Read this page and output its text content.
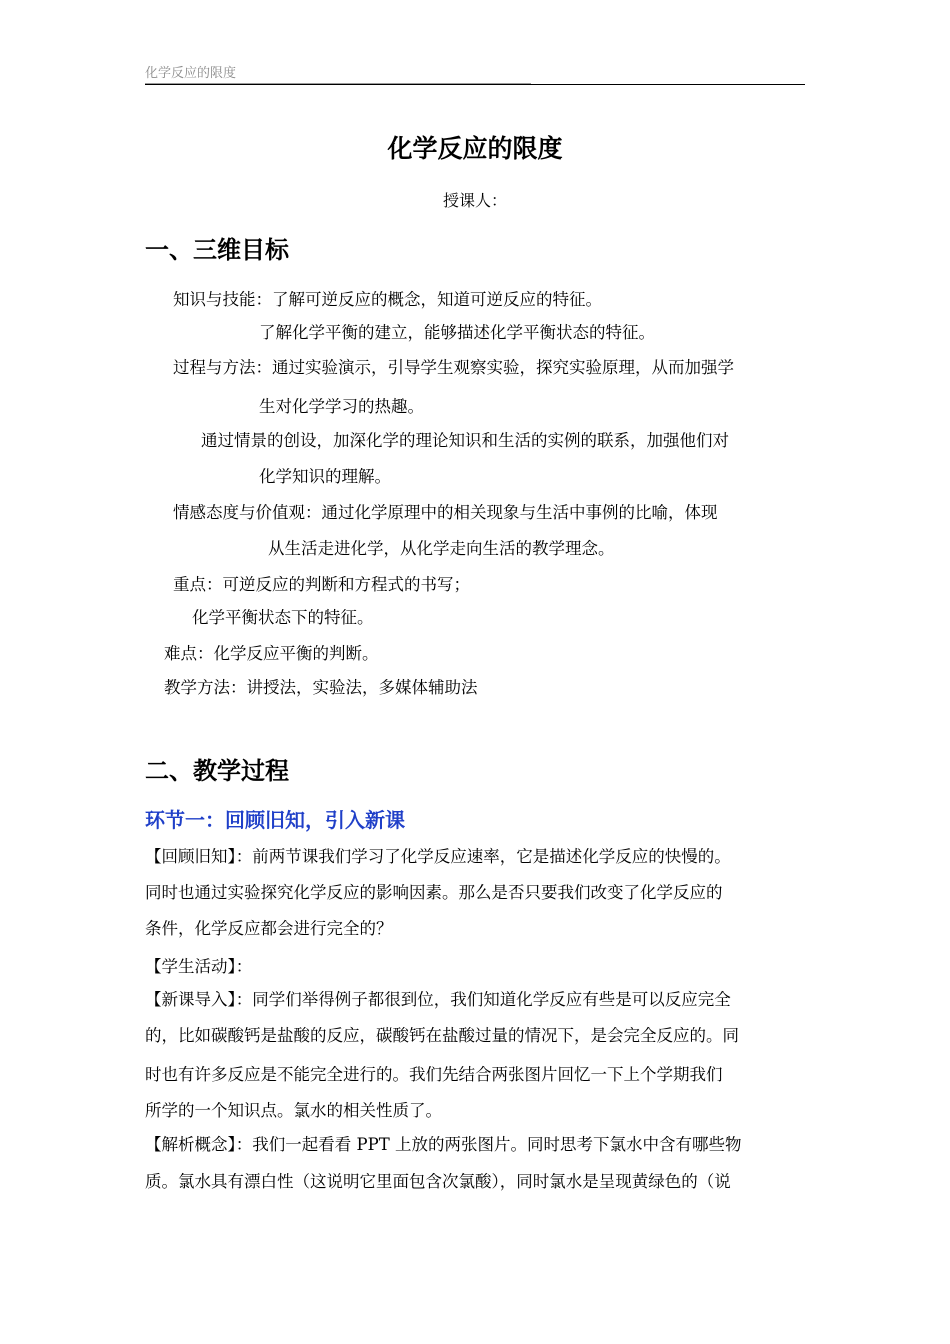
化学反应的限度
化学反应的限度
授课人：
一、三维目标
知识与技能：了解可逆反应的概念，知道可逆反应的特征。
了解化学平衡的建立，能够描述化学平衡状态的特征。
过程与方法：通过实验演示，引导学生观察实验，探究实验原理，从而加强学
生对化学学习的热趣。
通过情景的创设，加深化学的理论知识和生活的实例的联系，加强他们对
化学知识的理解。
情感态度与价值观：通过化学原理中的相关现象与生活中事例的比喻，体现
从生活走进化学，从化学走向生活的教学理念。
重点：可逆反应的判断和方程式的书写；
化学平衡状态下的特征。
难点：化学反应平衡的判断。
教学方法：讲授法，实验法，多媒体辅助法
二、教学过程
环节一：回顾旧知，引入新课
【回顾旧知】：前两节课我们学习了化学反应速率，它是描述化学反应的快慢的。
同时也通过实验探究化学反应的影响因素。那么是否只要我们改变了化学反应的
条件，化学反应都会进行完全的？
【学生活动】：
【新课导入】：同学们举得例子都很到位，我们知道化学反应有些是可以反应完全
的，比如碳酸钙是盐酸的反应，碳酸钙在盐酸过量的情况下，是会完全反应的。同
时也有许多反应是不能完全进行的。我们先结合两张图片回忆一下上个学期我们
所学的一个知识点。氯水的相关性质了。
【解析概念】：我们一起看看 PPT 上放的两张图片。同时思考下氯水中含有哪些物
质。氯水具有漂白性（这说明它里面包含次氯酸），同时氯水是呈现黄绿色的（说
